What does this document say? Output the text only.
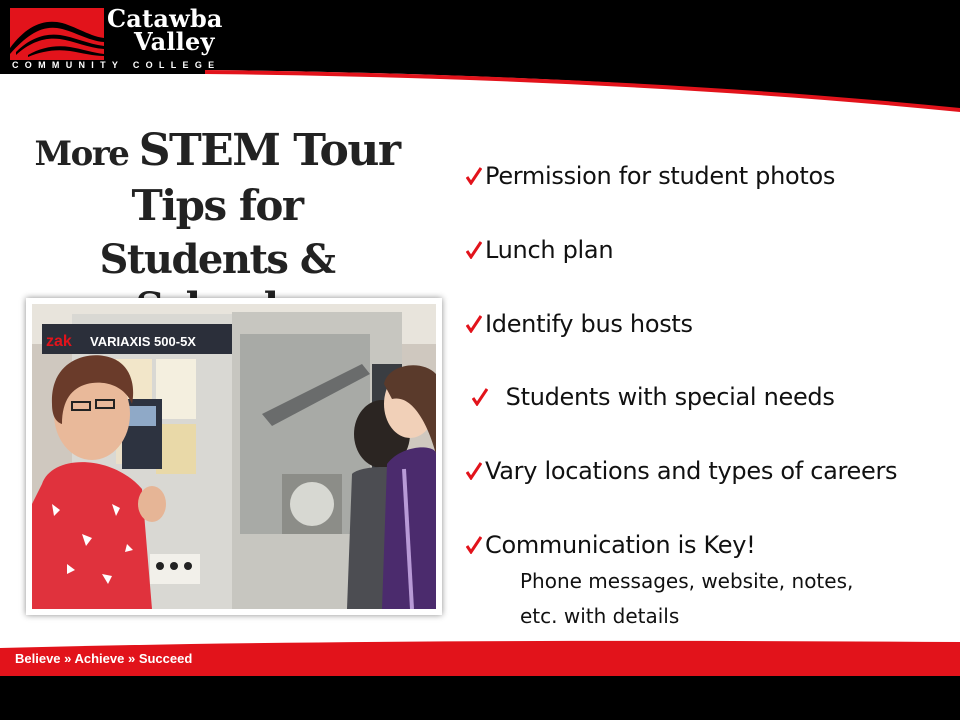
Catawba
Valley
COMMUNITY COLLEGE
More STEM Tour
Tips for
Students &
zak VARIAXIS 500-5X
Permission for student photos
Lunch plan
Identify bus hosts
Students with special needs
Vary locations and types of careers
Communication is Key!
Phone messages, website, notes,
etc. with details
Believe » Achieve » Succeed
